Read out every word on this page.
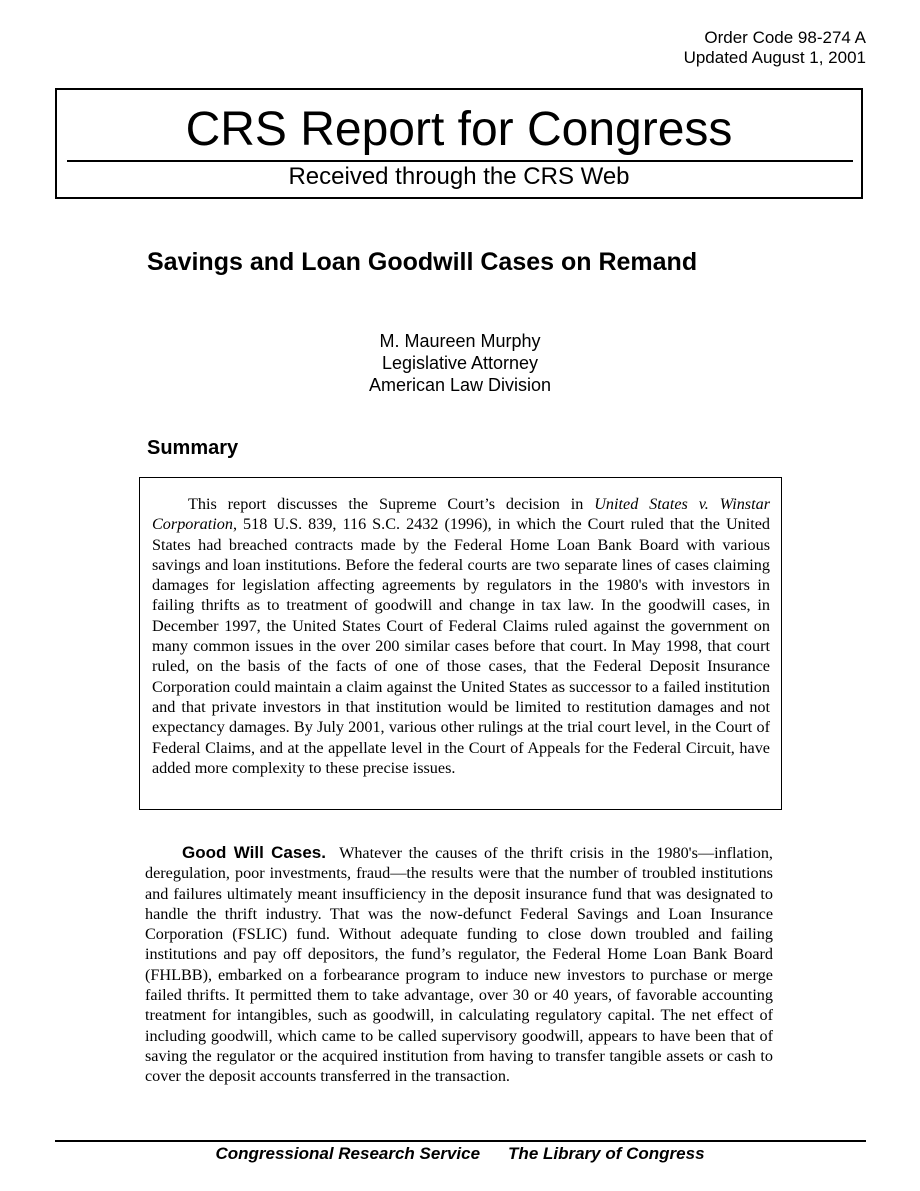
Order Code 98-274 A
Updated August 1, 2001
CRS Report for Congress
Received through the CRS Web
Savings and Loan Goodwill Cases on Remand
M. Maureen Murphy
Legislative Attorney
American Law Division
Summary

This report discusses the Supreme Court’s decision in United States v. Winstar Corporation, 518 U.S. 839, 116 S.C. 2432 (1996), in which the Court ruled that the United States had breached contracts made by the Federal Home Loan Bank Board with various savings and loan institutions. Before the federal courts are two separate lines of cases claiming damages for legislation affecting agreements by regulators in the 1980's with investors in failing thrifts as to treatment of goodwill and change in tax law. In the goodwill cases, in December 1997, the United States Court of Federal Claims ruled against the government on many common issues in the over 200 similar cases before that court. In May 1998, that court ruled, on the basis of the facts of one of those cases, that the Federal Deposit Insurance Corporation could maintain a claim against the United States as successor to a failed institution and that private investors in that institution would be limited to restitution damages and not expectancy damages. By July 2001, various other rulings at the trial court level, in the Court of Federal Claims, and at the appellate level in the Court of Appeals for the Federal Circuit, have added more complexity to these precise issues.

Good Will Cases. Whatever the causes of the thrift crisis in the 1980's—inflation, deregulation, poor investments, fraud—the results were that the number of troubled institutions and failures ultimately meant insufficiency in the deposit insurance fund that was designated to handle the thrift industry. That was the now-defunct Federal Savings and Loan Insurance Corporation (FSLIC) fund. Without adequate funding to close down troubled and failing institutions and pay off depositors, the fund’s regulator, the Federal Home Loan Bank Board (FHLBB), embarked on a forbearance program to induce new investors to purchase or merge failed thrifts. It permitted them to take advantage, over 30 or 40 years, of favorable accounting treatment for intangibles, such as goodwill, in calculating regulatory capital. The net effect of including goodwill, which came to be called supervisory goodwill, appears to have been that of saving the regulator or the acquired institution from having to transfer tangible assets or cash to cover the deposit accounts transferred in the transaction.

Congressional Research Service The Library of Congress
